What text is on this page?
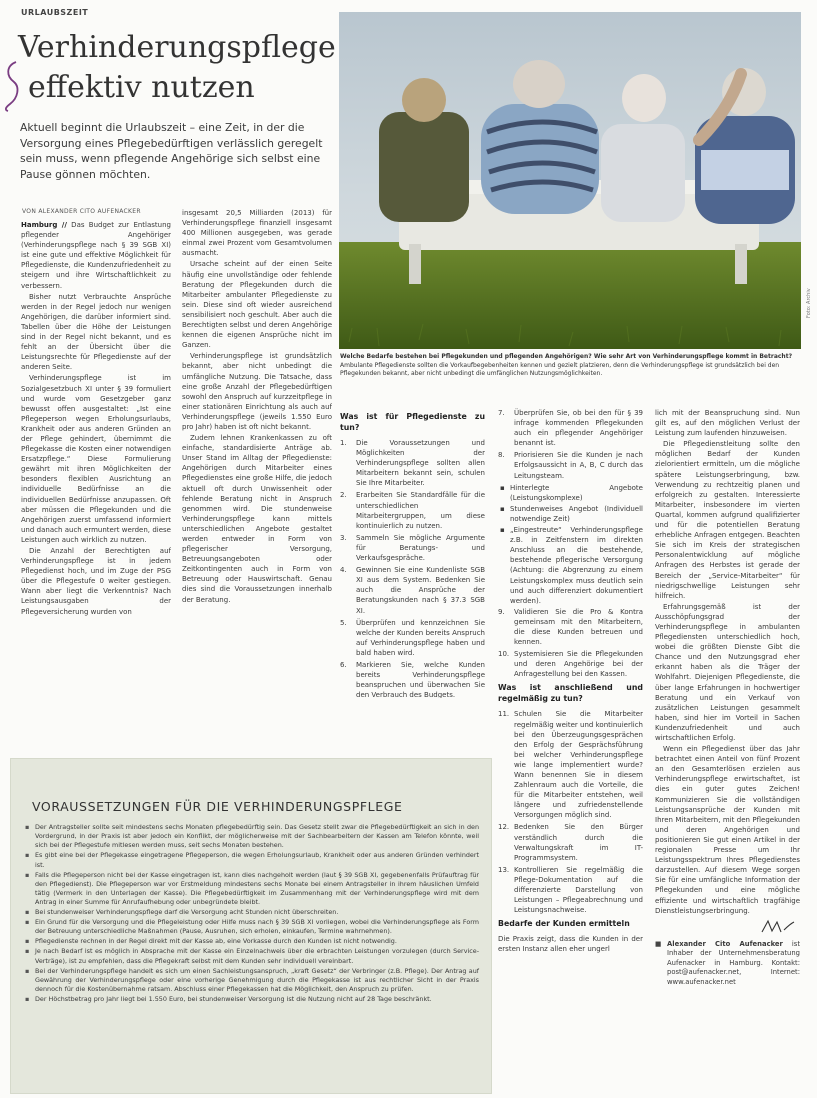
URLAUBSZEIT
Verhinderungspflege
effektiv nutzen

Aktuell beginnt die Urlaubszeit – eine Zeit, in der die Versorgung eines Pflegebedürftigen verlässlich geregelt sein muss, wenn pflegende Angehörige sich selbst eine Pause gönnen möchten.

VON ALEXANDER CITO AUFENACKER

Hamburg // Das Budget zur Entlastung pflegender Angehöriger (Verhinderungspflege nach § 39 SGB XI) ist eine gute und effektive Möglichkeit für Pflegedienste, die Kundenzufriedenheit zu steigern und ihre Wirtschaftlichkeit zu verbessern.

Bisher nutzt Verbrauchte Ansprüche werden in der Regel jedoch nur wenigen Angehörigen, die darüber informiert sind. Tabellen über die Höhe der Leistungen sind in der Regel nicht bekannt, und es fehlt an der Übersicht über die Leistungsrechte für Pflegedienste auf der anderen Seite.

Verhinderungspflege ist im Sozialgesetzbuch XI unter § 39 formuliert und wurde vom Gesetzgeber ganz bewusst offen ausgestaltet: „Ist eine Pflegeperson wegen Erholungsurlaubs, Krankheit oder aus anderen Gründen an der Pflege gehindert, übernimmt die Pflegekasse die Kosten einer notwendigen Ersatzpflege.“ Diese Formulierung gewährt mit ihren Möglichkeiten der besonders flexiblen Ausrichtung an individuelle Bedürfnisse an die individuellen Bedürfnisse anzupassen. Oft aber müssen die Pflegekunden und die Angehörigen zuerst umfassend informiert und danach auch ermuntert werden, diese Leistungen auch wirklich zu nutzen.

Die Anzahl der Berechtigten auf Verhinderungspflege ist in jedem Pflegedienst hoch, und im Zuge der PSG über die Pflegestufe 0 weiter gestiegen. Wann aber liegt die Verkenntnis? Nach Leistungsausgaben der Pflegeversicherung wurden von

insgesamt 20,5 Milliarden (2013) für Verhinderungspflege finanziell insgesamt 400 Millionen ausgegeben, was gerade einmal zwei Prozent vom Gesamtvolumen ausmacht.

Ursache scheint auf der einen Seite häufig eine unvollständige oder fehlende Beratung der Pflegekunden durch die Mitarbeiter ambulanter Pflegedienste zu sein. Diese sind oft wieder ausreichend sensibilisiert noch geschult. Aber auch die Berechtigten selbst und deren Angehörige kennen die eigenen Ansprüche nicht im Ganzen.

Verhinderungspflege ist grundsätzlich bekannt, aber nicht unbedingt die umfängliche Nutzung. Die Tatsache, dass eine große Anzahl der Pflegebedürftigen sowohl den Anspruch auf kurzzeitpflege in einer stationären Einrichtung als auch auf Verhinderungspflege (jeweils 1.550 Euro pro Jahr) haben ist oft nicht bekannt.

Zudem lehnen Krankenkassen zu oft einfache, standardisierte Anträge ab. Unser Stand im Alltag der Pflegedienste: Angehörigen durch Mitarbeiter eines Pflegedienstes eine große Hilfe, die jedoch aktuell oft durch Unwissenheit oder fehlende Beratung nicht in Anspruch genommen wird. Die stundenweise Verhinderungspflege kann mittels unterschiedlichen Angebote gestaltet werden entweder in Form von pflegerischer Versorgung, Betreuungsangeboten oder Zeitkontingenten auch in Form von Betreuung oder Hauswirtschaft. Genau dies sind die Voraussetzungen innerhalb der Beratung.

Foto: Archiv

Welche Bedarfe bestehen bei Pflegekunden und pflegenden Angehörigen? Wie sehr Art von Verhinderungspflege kommt in Betracht? Ambulante Pflegedienste sollten die Vorkaufbegebenheiten kennen und gezielt platzieren, denn die Verhinderungspflege ist grundsätzlich bei den Pflegekunden bekannt, aber nicht unbedingt die umfänglichen Nutzungsmöglichkeiten.

Was ist für Pflegedienste zu tun?
1. Die Voraussetzungen und Möglichkeiten der Verhinderungspflege sollten allen Mitarbeitern bekannt sein, schulen Sie Ihre Mitarbeiter.
2. Erarbeiten Sie Standardfälle für die unterschiedlichen Mitarbeitergruppen, um diese kontinuierlich zu nutzen.
3. Sammeln Sie mögliche Argumente für Beratungs- und Verkaufsgespräche.
4. Gewinnen Sie eine Kundenliste SGB XI aus dem System. Bedenken Sie auch die Ansprüche der Beratungskunden nach § 37.3 SGB XI.
5. Überprüfen und kennzeichnen Sie welche der Kunden bereits Anspruch auf Verhinderungspflege haben und bald haben wird.
6. Markieren Sie, welche Kunden bereits Verhinderungspflege beanspruchen und überwachen Sie den Verbrauch des Budgets.
7. Überprüfen Sie, ob bei den für § 39 infrage kommenden Pflegekunden auch ein pflegender Angehöriger benannt ist.
8. Priorisieren Sie die Kunden je nach Erfolgsaussicht in A, B, C durch das Leitungsteam.
▪ Hinterlegte Angebote (Leistungskomplexe)
▪ Stundenweises Angebot (Individuell notwendige Zeit)
▪ „Eingestreute“ Verhinderungspflege z.B. in Zeitfenstern im direkten Anschluss an die bestehende, bestehende pflegerische Versorgung (Achtung: die Abgrenzung zu einem Leistungskomplex muss deutlich sein und auch differenziert dokumentiert werden).
9. Validieren Sie die Pro & Kontra gemeinsam mit den Mitarbeitern, die diese Kunden betreuen und kennen.
10. Systemisieren Sie die Pflegekunden und deren Angehörige bei der Anfragestellung bei den Kassen.
Was ist anschließend und regelmäßig zu tun?
11. Schulen Sie die Mitarbeiter regelmäßig weiter und kontinuierlich bei den Überzeugungsgesprächen den Erfolg der Gesprächsführung bei welcher Verhinderungspflege wie lange implementiert wurde? Wann benennen Sie in diesem Zahlenraum auch die Vorteile, die für die Mitarbeiter entstehen, weil längere und zufriedenstellende Versorgungen möglich sind.
12. Bedenken Sie den Bürger verständlich durch die Verwaltungskraft im IT-Programmsystem.
13. Kontrollieren Sie regelmäßig die Pflege-Dokumentation auf die differenzierte Darstellung von Leistungen – Pflegeabrechnung und Leistungsnachweise.
Bedarfe der Kunden ermitteln

Die Praxis zeigt, dass die Kunden in der ersten Instanz allen eher ungerl

lich mit der Beanspruchung sind. Nun gilt es, auf den möglichen Verlust der Leistung zum laufenden hinzuweisen.

Die Pflegedienstleitung sollte den möglichen Bedarf der Kunden zielorientiert ermitteln, um die mögliche spätere Leistungserbringung, bzw. Verwendung zu rechtzeitig planen und erfolgreich zu gestalten. Interessierte Mitarbeiter, insbesondere im vierten Quartal, kommen aufgrund qualifizierter und für die potentiellen Beratung erhebliche Anfragen entgegen. Beachten Sie sich im Kreis der strategischen Personalentwicklung auf mögliche Anfragen des Herbstes ist gerade der Bereich der „Service-Mitarbeiter“ für niedrigschwellige Leistungen sehr hilfreich.

Erfahrungsgemäß ist der Ausschöpfungsgrad der Verhinderungspflege in ambulanten Pflegediensten unterschiedlich hoch, wobei die größten Dienste Gibt die Chance und den Nutzungsgrad eher erkannt haben als die Träger der Wohlfahrt. Diejenigen Pflegedienste, die über lange Erfahrungen in hochwertiger Beratung und ein Verkauf von zusätzlichen Leistungen gesammelt haben, sind hier im Vorteil in Sachen Kundenzufriedenheit und auch wirtschaftlichen Erfolg.

Wenn ein Pflegedienst über das Jahr betrachtet einen Anteil von fünf Prozent an den Gesamterlösen erzielen aus Verhinderungspflege erwirtschaftet, ist dies ein guter gutes Zeichen! Kommunizieren Sie die vollständigen Leistungsansprüche der Kunden mit Ihren Mitarbeitern, mit den Pflegekunden und deren Angehörigen und positionieren Sie gut einen Artikel in der regionalen Presse um Ihr Leistungsspektrum Ihres Pflegedienstes darzustellen. Auf diesem Wege sorgen Sie für eine umfängliche Information der Pflegekunden und eine mögliche effiziente und wirtschaftlich tragfähige Dienstleistungserbringung.

■ Alexander Cito Aufenacker ist Inhaber der Unternehmensberatung Aufenacker in Hamburg. Kontakt: post@aufenacker.net, Internet: www.aufenacker.net

VORAUSSETZUNGEN FÜR DIE VERHINDERUNGSPFLEGE
▪ Der Antragsteller sollte seit mindestens sechs Monaten pflegebedürftig sein. Das Gesetz stellt zwar die Pflegebedürftigkeit an sich in den Vordergrund, in der Praxis ist aber jedoch ein Konflikt, der möglicherweise mit der Sachbearbeitern der Kassen am Telefon könnte, weil sich bei der Pflegestufe mitlesen werden muss, seit sechs Monaten bestehen.
▪ Es gibt eine bei der Pflegekasse eingetragene Pflegeperson, die wegen Erholungsurlaub, Krankheit oder aus anderen Gründen verhindert ist.
▪ Falls die Pflegeperson nicht bei der Kasse eingetragen ist, kann dies nachgeholt werden (laut § 39 SGB XI, gegebenenfalls Prüfauftrag für den Pflegedienst). Die Pflegeperson war vor Erstmeldung mindestens sechs Monate bei einem Antragsteller in ihrem häuslichen Umfeld tätig (Vermerk in den Unterlagen der Kasse). Die Pflegebedürftigkeit im Zusammenhang mit der Verhinderungspflege wird mit dem Antrag in einer Summe für Anrufaufhebung oder unbegründete bleibt.
▪ Bei stundenweiser Verhinderungspflege darf die Versorgung acht Stunden nicht überschreiten.
▪ Ein Grund für die Versorgung und die Pflegeleistung oder Hilfe muss nach § 39 SGB XI vorliegen, wobei die Verhinderungspflege als Form der Betreuung unterschiedliche Maßnahmen (Pause, Ausruhen, sich erholen, einkaufen, Termine wahrnehmen).
▪ Pflegedienste rechnen in der Regel direkt mit der Kasse ab, eine Vorkasse durch den Kunden ist nicht notwendig.
▪ Je nach Bedarf ist es möglich in Absprache mit der Kasse ein Einzelnachweis über die erbrachten Leistungen vorzulegen (durch Service-Verträge), ist zu empfehlen, dass die Pflegekraft selbst mit dem Kunden sehr individuell vereinbart.
▪ Bei der Verhinderungspflege handelt es sich um einen Sachleistungsanspruch, „kraft Gesetz“ der Verbringer (z.B. Pflege). Der Antrag auf Gewährung der Verhinderungspflege oder eine vorherige Genehmigung durch die Pflegekasse ist aus rechtlicher Sicht in der Praxis dennoch für die Kostenübernahme ratsam. Abschluss einer Pflegekassen hat die Möglichkeit, den Anspruch zu prüfen.
▪ Der Höchstbetrag pro Jahr liegt bei 1.550 Euro, bei stundenweiser Versorgung ist die Nutzung nicht auf 28 Tage beschränkt.
